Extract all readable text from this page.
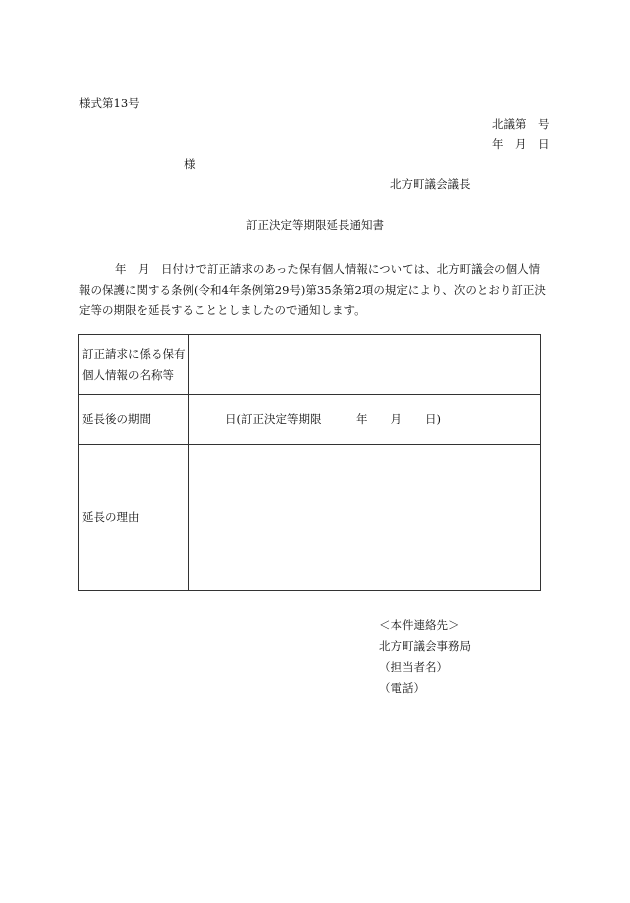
様式第13号
北議第　号
年　月　日
様
北方町議会議長
訂正決定等期限延長通知書
年　月　日付けで訂正請求のあった保有個人情報については、北方町議会の個人情報の保護に関する条例(令和4年条例第29号)第35条第2項の規定により、次のとおり訂正決定等の期限を延長することとしましたので通知します。
訂正請求に係る保有個人情報の名称等	
延長後の期間	日(訂正決定等期限　　　年　　月　　日)
延長の理由	
＜本件連絡先＞
北方町議会事務局
（担当者名）
（電話）
